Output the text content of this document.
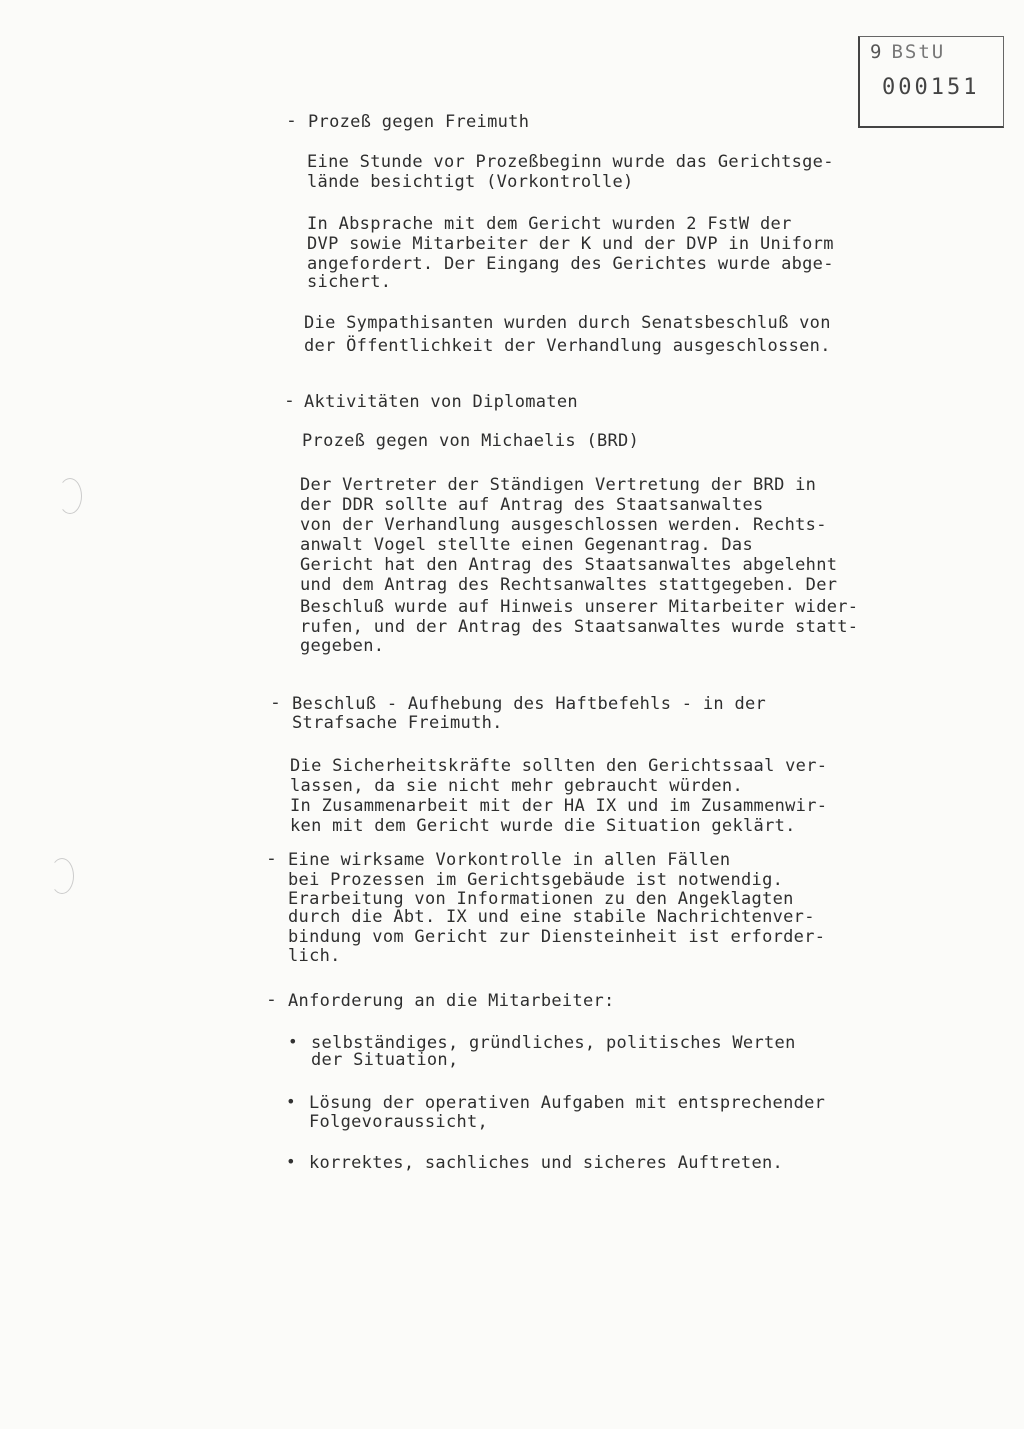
9 BStU
000151
- Prozeß gegen Freimuth
Eine Stunde vor Prozeßbeginn wurde das Gerichtsge-
lände besichtigt (Vorkontrolle)
In Absprache mit dem Gericht wurden 2 FstW der
DVP sowie Mitarbeiter der K und der DVP in Uniform
angefordert. Der Eingang des Gerichtes wurde abge-
sichert.
Die Sympathisanten wurden durch Senatsbeschluß von
der Öffentlichkeit der Verhandlung ausgeschlossen.
- Aktivitäten von Diplomaten
Prozeß gegen von Michaelis (BRD)
Der Vertreter der Ständigen Vertretung der BRD in
der DDR sollte auf Antrag des Staatsanwaltes
von der Verhandlung ausgeschlossen werden. Rechts-
anwalt Vogel stellte einen Gegenantrag. Das
Gericht hat den Antrag des Staatsanwaltes abgelehnt
und dem Antrag des Rechtsanwaltes stattgegeben. Der
Beschluß wurde auf Hinweis unserer Mitarbeiter wider-
rufen, und der Antrag des Staatsanwaltes wurde statt-
gegeben.
- Beschluß - Aufhebung des Haftbefehls - in der
Strafsache Freimuth.
Die Sicherheitskräfte sollten den Gerichtssaal ver-
lassen, da sie nicht mehr gebraucht würden.
In Zusammenarbeit mit der HA IX und im Zusammenwir-
ken mit dem Gericht wurde die Situation geklärt.
- Eine wirksame Vorkontrolle in allen Fällen
bei Prozessen im Gerichtsgebäude ist notwendig.
Erarbeitung von Informationen zu den Angeklagten
durch die Abt. IX und eine stabile Nachrichtenver-
bindung vom Gericht zur Diensteinheit ist erforder-
lich.
- Anforderung an die Mitarbeiter:
• selbständiges, gründliches, politisches Werten
der Situation,
• Lösung der operativen Aufgaben mit entsprechender
Folgevoraussicht,
• korrektes, sachliches und sicheres Auftreten.
